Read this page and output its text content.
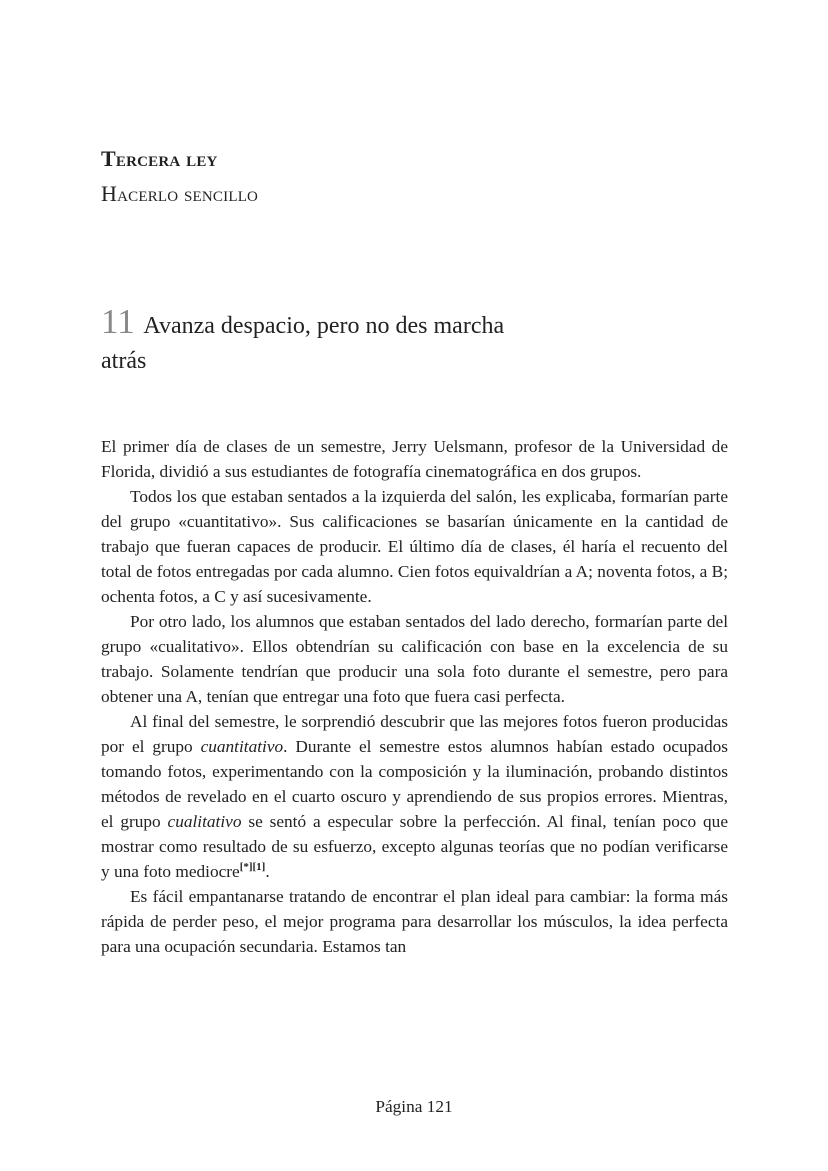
Tercera ley
Hacerlo sencillo
11 Avanza despacio, pero no des marcha atrás

El primer día de clases de un semestre, Jerry Uelsmann, profesor de la Universidad de Florida, dividió a sus estudiantes de fotografía cinematográfica en dos grupos.

Todos los que estaban sentados a la izquierda del salón, les explicaba, formarían parte del grupo «cuantitativo». Sus calificaciones se basarían únicamente en la cantidad de trabajo que fueran capaces de producir. El último día de clases, él haría el recuento del total de fotos entregadas por cada alumno. Cien fotos equivaldrían a A; noventa fotos, a B; ochenta fotos, a C y así sucesivamente.

Por otro lado, los alumnos que estaban sentados del lado derecho, formarían parte del grupo «cualitativo». Ellos obtendrían su calificación con base en la excelencia de su trabajo. Solamente tendrían que producir una sola foto durante el semestre, pero para obtener una A, tenían que entregar una foto que fuera casi perfecta.

Al final del semestre, le sorprendió descubrir que las mejores fotos fueron producidas por el grupo cuantitativo. Durante el semestre estos alumnos habían estado ocupados tomando fotos, experimentando con la composición y la iluminación, probando distintos métodos de revelado en el cuarto oscuro y aprendiendo de sus propios errores. Mientras, el grupo cualitativo se sentó a especular sobre la perfección. Al final, tenían poco que mostrar como resultado de su esfuerzo, excepto algunas teorías que no podían verificarse y una foto mediocre[*][1].

Es fácil empantanarse tratando de encontrar el plan ideal para cambiar: la forma más rápida de perder peso, el mejor programa para desarrollar los músculos, la idea perfecta para una ocupación secundaria. Estamos tan

Página 121
